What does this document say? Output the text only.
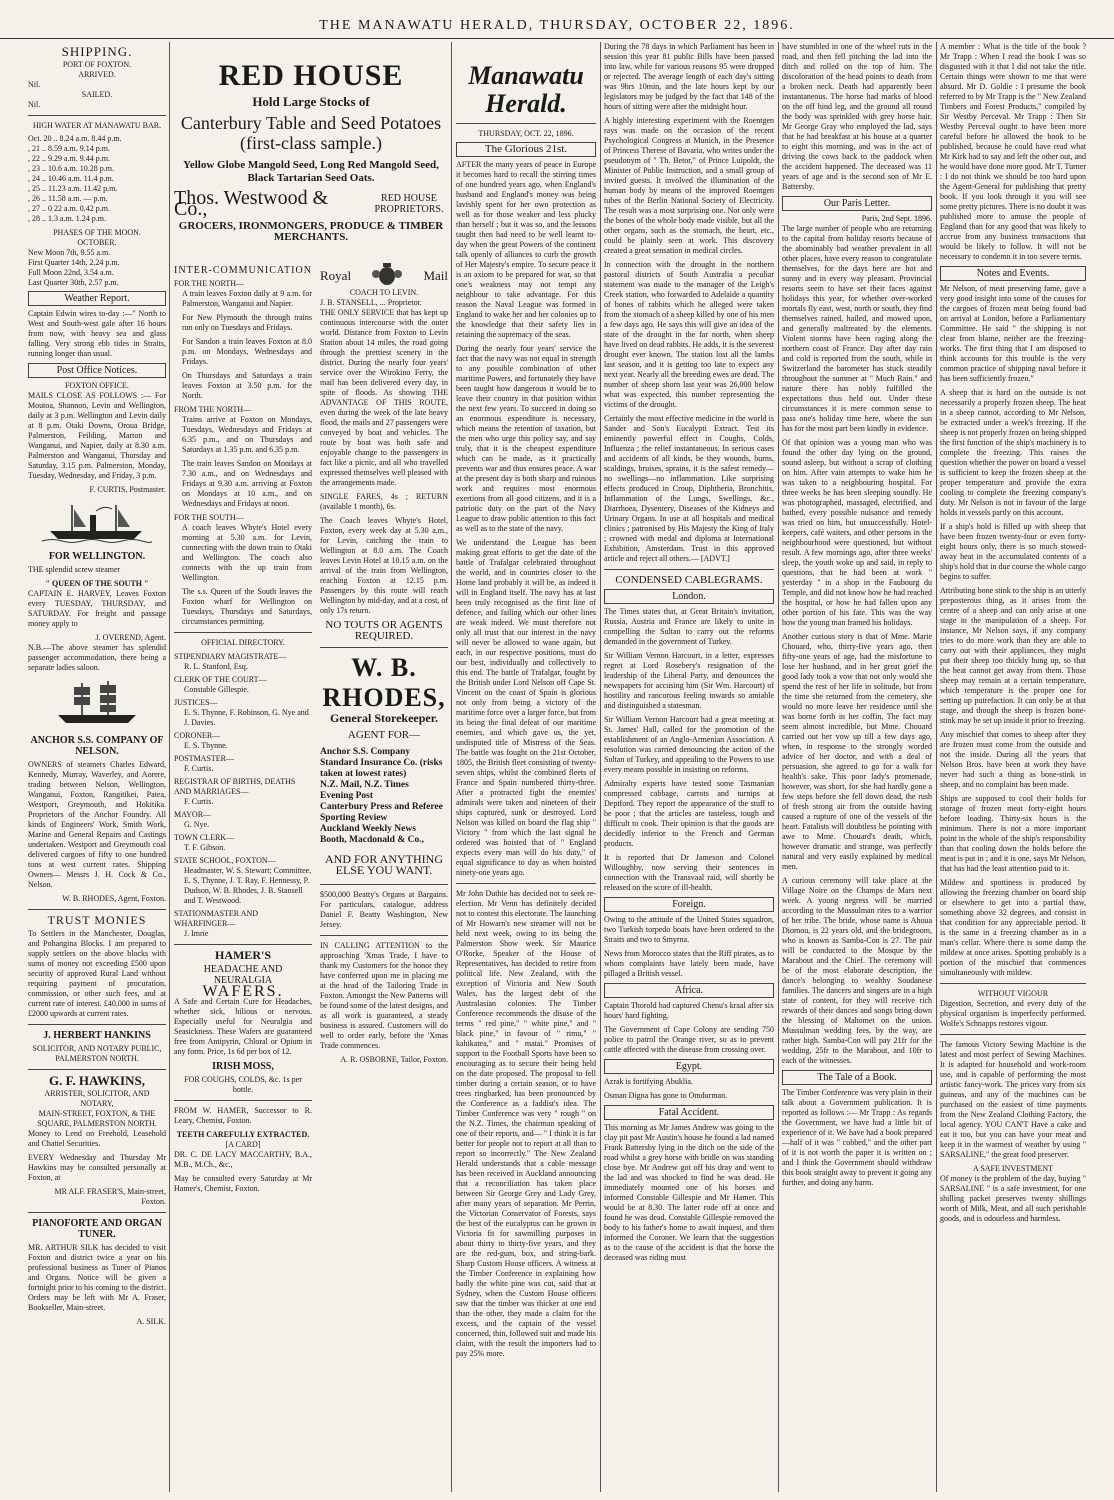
THE MANAWATU HERALD, THURSDAY, OCTOBER 22, 1896.
SHIPPING.
PORT OF FOXTON.
ARRIVED.
Nil.
SAILED.
Nil.
HIGH WATER AT MANAWATU BAR.
Oct. 20 .. 8.24 a.m. 8.44 p.m.
, 21 .. 8.59 a.m. 9.14 p.m.
, 22 .. 9.29 a.m. 9.44 p.m.
, 23 .. 10.6 a.m. 10.28 p.m.
, 24 .. 10.46 a.m. 11.4 p.m.
, 25 .. 11.23 a.m. 11.42 p.m.
, 26 .. 11.58 a.m. — p.m.
, 27 .. 0 22 a.m. 0.42 p.m.
, 28 .. 1.3 a.m. 1.24 p.m.
PHASES OF THE MOON.
OCTOBER.
New Moon 7th, 9.55 a.m.
First Quarter 14th, 2.24 p.m.
Full Moon 22nd, 3.54 a.m.
Last Quarter 30th, 2.57 p.m.
Weather Report.

Captain Edwin wires to-day :—" North to West and South-west gale after 16 hours from now, with heavy sea and glass falling. Very strong ebb tides in Straits, running longer than usual.

Post Office Notices.
FOXTON OFFICE.

MAILS CLOSE AS FOLLOWS :— For Moutoa, Shannon, Levin and Wellington, daily at 3 p.m. Wellington and Levin daily at 8 p.m. Otaki Downs, Oroua Bridge, Palmerston, Feilding, Marton and Wanganui, and Napier, daily at 8.30 a.m. Palmerston and Wanganui, Thursday and Saturday, 3.15 p.m. Palmerston, Monday, Tuesday, Wednesday, and Friday, 3 p.m.

F. CURTIS, Postmaster.
FOR WELLINGTON.

THE splendid screw steamer

" QUEEN OF THE SOUTH "

CAPTAIN E. HARVEY, Leaves Foxton every TUESDAY, THURSDAY, and SATURDAY. For freight and passage money apply to

J. OVEREND, Agent.

N.B.—The above steamer has splendid passenger accommodation, there being a separate ladies saloon.

ANCHOR S.S. COMPANY OF NELSON.

OWNERS of steamers Charles Edward, Kennedy, Murray, Waverley, and Aorere, trading between Nelson, Wellington, Wanganui, Foxton, Rangitikei, Patea, Westport, Greymouth, and Hokitika. Proprietors of the Anchor Foundry. All kinds of Engineers' Work, Smith Work, Marine and General Repairs and Castings undertaken. Westport and Greymouth coal delivered cargoes of fifty to one hundred tons at west current rates. Shipping Owners— Messrs J. H. Cock & Co., Nelson.

W. B. RHODES, Agent, Foxton.
TRUST MONIES

To Settlers in the Manchester, Douglas, and Pohangina Blocks. I am prepared to supply settlers on the above blocks with sums of money not exceeding £500 upon security of approved Rural Land without requiring payment of procuration, commission, or other such fees, and at current rate of interest. £40,000 in sums of £2000 upwards at current rates.

J. HERBERT HANKINS
SOLICITOR, AND NOTARY PUBLIC, PALMERSTON NORTH.
G. F. HAWKINS,
ARRISTER, SOLICITOR, AND NOTARY,
MAIN-STREET, FOXTON, & THE SQUARE, PALMERSTON NORTH.

Money to Lend on Freehold, Leasehold and Chattel Securities.

EVERY Wednesday and Thursday Mr Hawkins may be consulted personally at Foxton, at

MR ALF. FRASER'S, Main-street, Foxton.
PIANOFORTE AND ORGAN TUNER.

MR. ARTHUR SILK has decided to visit Foxton and district twice a year on his professional business as Tuner of Pianos and Organs. Notice will be given a fortnight prior to his coming to the district. Orders may be left with Mr A. Fraser, Bookseller, Main-street.

A. SILK.
RED HOUSE
Hold Large Stocks of
Canterbury Table and Seed Potatoes (first-class sample.)
Yellow Globe Mangold Seed, Long Red Mangold Seed, Black Tartarian Seed Oats.
Thos. Westwood & Co.,	RED HOUSE PROPRIETORS.
GROCERS, IRONMONGERS, PRODUCE & TIMBER MERCHANTS.
INTER-COMMUNICATION
FOR THE NORTH—

A train leaves Foxton daily at 9 a.m. for Palmerston, Wanganui and Napier.

For New Plymouth the through trains run only on Tuesdays and Fridays.

For Sandon a train leaves Foxton at 8.0 p.m. on Mondays, Wednesdays and Fridays.

On Thursdays and Saturdays a train leaves Foxton at 3.50 p.m. for the North.

FROM THE NORTH—

Trains arrive at Foxton on Mondays, Tuesdays, Wednesdays and Fridays at 6.35 p.m., and on Thursdays and Saturdays at 1.35 p.m. and 6.35 p.m.

The train leaves Sandon on Mondays at 7.30 a.m., and on Wednesdays and Fridays at 9.30 a.m. arriving at Foxton on Mondays at 10 a.m., and on Wednesdays and Fridays at noon.

FOR THE SOUTH—

A coach leaves Whyte's Hotel every morning at 5.30 a.m. for Levin, connecting with the down train to Otaki and Wellington. The coach also connects with the up train from Wellington.

The s.s. Queen of the South leaves the Foxton wharf for Wellington on Tuesdays, Thursdays and Saturdays, circumstances permitting.

OFFICIAL DIRECTORY.
STIPENDIARY MAGISTRATE—
R. L. Stanford, Esq.
CLERK OF THE COURT—
Constable Gillespie.
JUSTICES—
E. S. Thynne, F. Robinson, G. Nye and J. Davies.
CORONER—
E. S. Thynne.
POSTMASTER—
F. Curtis.
REGISTRAR OF BIRTHS, DEATHS AND MARRIAGES—
F. Curtis.
MAYOR—
G. Nye.
TOWN CLERK—
T. F. Gibson.
STATE SCHOOL, FOXTON—
Headmaster, W. S. Stewart; Committee, E. S. Thynne, J. T. Ray, F. Hennessy, P. Dudson, W. B. Rhodes, J. B. Stansell and T. Westwood.
STATIONMASTER AND WHARFINGER—
J. Imrie
HAMER'S
HEADACHE AND NEURALGIA
WAFERS.

A Safe and Certain Cure for Headaches, whether sick, bilious or nervous. Especially useful for Neuralgia and Seasickness. These Wafers are guaranteed free from Antipyrin, Chloral or Opium in any form. Price, 1s 6d per box of 12.

IRISH MOSS,
FOR COUGHS, COLDS, &c. 1s per bottle.

FROM W. HAMER, Successor to R. Leary, Chemist, Foxton.

TEETH CAREFULLY EXTRACTED.
[A CARD]

DR. C. DE LACY MACCARTHY, B.A., M.B., M.Ch., &c.,

May be consulted every Saturday at Mr Hamer's, Chemist, Foxton.

Royal	Mail
COACH TO LEVIN.
J. B. STANSELL, ... Proprietor.

THE ONLY SERVICE that has kept up continuous intercourse with the outer world. Distance from Foxton to Levin Station about 14 miles, the road going through the prettiest scenery in the district. During the nearly four years' service over the Wirokino Ferry, the mail has been delivered every day, in spite of floods. As showing THE ADVANTAGE OF THIS ROUTE, even during the week of the late heavy flood, the mails and 27 passengers were conveyed by boat and vehicles. The route by boat was both safe and enjoyable change to the passengers in fact like a picnic, and all who travelled expressed themselves well pleased with the arrangements made.

SINGLE FARES, 4s ; RETURN (available 1 month), 6s.

The Coach leaves Whyte's Hotel, Foxton, every week day at 5.30 a.m., for Levin, catching the train to Wellington at 8.0 a.m. The Coach leaves Levin Hotel at 10.15 a.m. on the arrival of the train from Wellington, reaching Foxton at 12.15 p.m. Passengers by this route will reach Wellington by mid-day, and at a cost, of only 17s return.

NO TOUTS OR AGENTS REQUIRED.
W. B. RHODES,
General Storekeeper.
AGENT FOR—
Anchor S.S. Company
Standard Insurance Co. (risks taken at lowest rates)
N.Z. Mail, N.Z. Times
Evening Post
Canterbury Press and Referee
Sporting Review
Auckland Weekly News
Booth, Macdonald & Co.,
AND FOR ANYTHING ELSE YOU WANT.

$500,000 Beatty's Organs at Bargains. For particulars, catalogue, address Daniel F. Beatty Washington, New Jersey.

IN CALLING ATTENTION to the approaching 'Xmas Trade, I have to thank my Customers for the honor they have conferred upon me in placing me at the head of the Tailoring Trade in Foxton. Amongst the New Patterns will be found some of the latest designs, and as all work is guaranteed, a steady business is assured. Customers will do well to order early, before the 'Xmas Trade commences.

A. R. OSBORNE, Tailor, Foxton.
Manawatu Herald.
THURSDAY, OCT. 22, 1896.
The Glorious 21st.

AFTER the many years of peace in Europe it becomes hard to recall the stirring times of one hundred years ago, when England's husband and England's money was being lavishly spent for her own protection as well as for those weaker and less plucky than herself ; but it was so, and the lessons taught then had need to be well learnt to-day when the great Powers of the continent talk openly of alliances to curb the growth of Her Majesty's empire. To secure peace it is an axiom to be prepared for war, so that one's weakness may not tempt any neighbour to take advantage. For this reason the Naval League was formed in England to wake her and her colonies up to the knowledge that their safety lies in retaining the supremacy of the seas.

During the nearly four years' service the fact that the navy was not equal in strength to any possible combination of other maritime Powers, and fortunately they have been taught how dangerous it would be to leave their country in that position within the next few years. To succeed in doing so an enormous expenditure is necessary, which means the retention of taxation, but the men who urge this policy say, and say truly, that it is the cheapest expenditure which can be made, as it practically prevents war and thus ensures peace. A war at the present day is both sharp and ruinous work and requires most enormous exertions from all good citizens, and it is a patriotic duty on the part of the Navy League to draw public attention to this fact as well as to the state of the navy.

We understand the League has been making great efforts to get the date of the battle of Trafalgar celebrated throughout the world, and in countries closer to the Home land probably it will be, as indeed it will in England itself. The navy has at last been truly recognised as the first line of defence, and failing which our other lines are weak indeed. We must therefore not only all trust that our interest in the navy will never be allowed to wane again, but each, in our respective positions, must do our best, individually and collectively to this end. The battle of Trafalgar, fought by the British under Lord Nelson off Cape St. Vincent on the coast of Spain is glorious not only from being a victory of the maritime force over a larger force, but from its being the final defeat of our maritime enemies, and which gave us, the yet, undisputed title of Mistress of the Seas. The battle was fought on the 21st October, 1805, the British fleet consisting of twenty-seven ships, whilst the combined fleets of France and Spain numbered thirty-three. After a protracted fight the enemies' admirals were taken and nineteen of their ships captured, sunk or destroyed. Lord Nelson was killed on board the flag ship " Victory " from which the last signal he ordered was hoisted that of " England expects every man will do his duty," of equal significance to day as when hoisted ninety-one years ago.

Mr John Duthie has decided not to seek re-election. Mr Venn has definitely decided not to contest this electorate. The launching of Mr Howarn's new steamer will not be held next week, owing to its being the Palmerston Show week. Sir Maurice O'Rorke, Speaker of the House of Representatives, has decided to retire from political life. New Zealand, with the exception of Victoria and New South Wales, has the largest debt of the Australasian colonies. The Timber Conference recommends the disuse of the terms " red pine," " white pine," and " black pine," in favour of " rimu," " kahikatea," and " matai." Promises of support to the Football Sports have been so encouraging as to secure their being held on the date proposed. The proposal to fell timber during a certain season, or to have trees ringbarked, has been pronounced by the Conference as a faddist's idea. The Timber Conference was very " rough " on the N.Z. Times, the chairman speaking of one of their reports, and— " I think it is far better for people not to report at all than to report so incorrectly." The New Zealand Herald understands that a cable message has been received in Auckland announcing that a reconciliation has taken place between Sir George Grey and Lady Grey, after many years of separation. Mr Perrin, the Victorian Conservator of Forests, says the best of the eucalyptus can be grown in Victoria fit for sawmilling purposes in about thirty to thirty-five years, and they are the red-gum, box, and string-bark. Sharp Custom House officers. A witness at the Timber Conference in explaining how badly the white pine was cut, said that at Sydney, when the Custom House officers saw that the timber was thicker at one end than the other, they made a claim for the excess, and the captain of the vessel concerned, thin, followed suit and made his claim, with the result the importers had to pay 25% more.

During the 78 days in which Parliament has been in session this year 81 public Bills have been passed into law, while for various reasons 95 were dropped or rejected. The average length of each day's sitting was 9hrs 10min, and the late hours kept by our legislators may be judged by the fact that 148 of the hours of sitting were after the midnight hour.

A highly interesting experiment with the Roentgen rays was made on the occasion of the recent Psychological Congress at Munich, in the Presence of Princess Therese of Bavaria, who writes under the pseudonym of " Th. Betor," of Prince Luipoldt, the Minister of Public Instruction, and a small group of invited guests. It involved the illumination of the human body by means of the improved Roentgen tubes of the Berlin National Society of Electricity. The result was a most surprising one. Not only were the bones of the whole body made visible, but all the other organs, such as the stomach, the heart, etc., could be plainly seen at work. This discovery created a great sensation in medical circles.

In connection with the drought in the northern pastoral districts of South Australia a peculiar statement was made to the manager of the Leigh's Creek station, who forwarded to Adelaide a quantity of bones of rabbits which he alleged were taken from the stomach of a sheep killed by one of his men a few days ago. He says this will give an idea of the state of the drought in the far north, when sheep have lived on dead rabbits. He adds, it is the severest drought ever known. The station lost all the lambs last season, and it is getting too late to expect any next year. Nearly all the breeding ewes are dead. The number of sheep shorn last year was 26,000 below what was expected, this number representing the victims of the drought.

Certainly the most effective medicine in the world is Sander and Son's Eucalypti Extract. Test its eminently powerful effect in Coughs, Colds, Influenza ; the relief instantaneous. In serious cases and accidents of all kinds, be they wounds, burns, scaldings, bruises, sprains, it is the safest remedy—no swellings—no inflammation. Like surprising effects produced in Croup, Diphtheria, Bronchitis, Inflammation of the Lungs, Swellings, &c., Diarrhoea, Dysentery, Diseases of the Kidneys and Urinary Organs. In use at all hospitals and medical clinics ; patronised by His Majesty the King of Italy ; crowned with medal and diploma at International Exhibition, Amsterdam. Trust in this approved article and reject all others.— [ADVT.]

CONDENSED CABLEGRAMS.
London.

The Times states that, at Great Britain's invitation, Russia, Austria and France are likely to unite in compelling the Sultan to carry out the reforms demanded in the government of Turkey.

Sir William Vernon Harcourt, in a letter, expresses regret at Lord Rosebery's resignation of the leadership of the Liberal Party, and denounces the newspapers for accusing him (Sir Wm. Harcourt) of hostility and rancorous feeling towards so amiable and distinguished a statesman.

Sir William Vernon Harcourt had a great meeting at St. James' Hall, called for the promotion of the establishment of an Anglo-Armenian Association. A resolution was carried denouncing the action of the Sultan of Turkey, and appealing to the Powers to use every means possible in insisting on reforms.

Admiralty experts have tested some Tasmanian compressed cabbage, carrots and turnips at Deptford. They report the appearance of the stuff to be poor ; that the articles are tasteless, tough and difficult to cook. Their opinion is that the goods are decidedly inferior to the French and German products.

It is reported that Dr Jameson and Colonel Willoughby, now serving their sentences in connection with the Transvaal raid, will shortly be released on the score of ill-health.

Foreign.

Owing to the attitude of the United States squadron, two Turkish torpedo boats have been ordered to the Straits and two to Smyrna.

News from Morocco states that the Riff pirates, as to whom complaints have lately been made, have pillaged a British vessel.

Africa.

Captain Thorold had captured Chenu's kraal after six hours' hard fighting.

The Government of Cape Colony are sending 750 police to patrol the Orange river, so as to prevent cattle affected with the disease from crossing over.

Egypt.

Azrak is fortifying Abuklia.

Osman Digna has gone to Omdurman.

Fatal Accident.

This morning as Mr James Andrew was going to the clay pit past Mr Austin's house he found a lad named Frank Battersby lying in the ditch on the side of the road whilst a grey horse with bridle on was standing close bye. Mr Andrew got off his dray and went to the lad and was shocked to find he was dead. He immediately mounted one of his horses and informed Constable Gillespie and Mr Hamer. This would be at 8.30. The latter rode off at once and found he was dead. Constable Gillespie removed the body to his father's home to await inquest, and then informed the Coroner. We learn that the suggestion as to the cause of the accident is that the horse the deceased was riding must

have stumbled in one of the wheel ruts in the road, and then fell pitching the lad into the ditch and rolled on the top of him. The discoloration of the head points to death from a broken neck. Death had apparently been instantaneous. The horse had marks of blood on the off hind leg, and the ground all round the body was sprinkled with grey horse hair. Mr George Gray who employed the lad, says that he had breakfast at his house at a quarter to eight this morning, and was in the act of driving the cows back to the paddock when the accident happened. The deceased was 11 years of age and is the second son of Mr E. Battersby.

Our Paris Letter.
Paris, 2nd Sept. 1896.

The large number of people who are returning to the capital from holiday resorts because of the abominably bad weather prevalent in all other places, have every reason to congratulate themselves, for the days here are hot and sunny and in every way pleasant. Provincial resorts seem to have set their faces against holidays this year, for whether over-worked mortals fly east, west, north or south, they find themselves rained, hailed, and mowed upon, and generally maltreated by the elements. Violent storms have been raging along the northern coast of France. Day after day rain and cold is reported from the south, while in Switzerland the barometer has stuck steadily throughout the summer at " Much Rain." and nature there has nobly fulfilled the expectations thus held out. Under these circumstances it is mere common sense to pass one's holiday time here, where the sun has for the most part been kindly in evidence.

Of that opinion was a young man who was found the other day lying on the ground, sound asleep, but without a scrap of clothing on him. After vain attempts to wake him he was taken to a neighbouring hospital. For three weeks he has been sleeping soundly. He was photographed, massaged, electrified, and bathed, every possible nuisance and remedy was tried on him, but unsuccessfully. Hotel-keepers, café waiters, and other persons in the neighbourhood were questioned, but without result. A few mornings ago, after three weeks' sleep, the youth woke up and said, in reply to questions, that he had been at work " yesterday " in a shop in the Faubourg du Temple, and did not know how he had reached the hospital, or how he had fallen upon any other portion of his fate. This was the way how the young man framed his holidays.

Another curious story is that of Mme. Marie Chouard, who, thirty-five years ago, then fifty-one years of age, had the misfortune to lose her husband, and in her great grief the good lady took a vow that not only would she spend the rest of her life in solitude, but from the time she returned from the cemetery, she would no more leave her residence until she was borne forth in her coffin. The fact may seem almost incredible, but Mme. Chouard carried out her vow up till a few days ago, when, in response to the strongly worded advice of her doctor, and with a deal of persuasion, she agreed to go for a walk for health's sake. This poor lady's promenade, however, was short, for she had hardly gone a few steps before she fell down dead, the rush of fresh strong air from the outside having caused a rupture of one of the vessels of the heart. Fatalists will doubtless be pointing with awe to Mme. Chouard's death, which, however dramatic and strange, was perfectly natural and very easily explained by medical men.

A curious ceremony will take place at the Village Noire on the Champs de Mars next week. A young negress will be married according to the Mussulman rites to a warrior of her tribe. The bride, whose name is Ahoua Diomou, is 22 years old, and the bridegroom, who is known as Samba-Con is 27. The pair will be conducted to the Mosque by the Marabout and the Chief. The ceremony will be of the most elaborate description, the dance's belonging to wealthy Soudanese families. The dancers and singers are in a high state of content, for they will receive rich rewards of their dances and songs bring down the blessing of Mahomet on the union. Mussulman wedding fees, by the way, are rather high. Samba-Con will pay 21fr for the wedding, 25fr to the Marabout, and 10fr to each of the witnesses.

The Tale of a Book.

The Timber Conference was very plain in their talk about a Government publication. It is reported as follows :— Mr Trapp : As regards the Government, we have had a little bit of experience of it. We have had a book prepared—half of it was " cobbed," and the other part of it is not worth the paper it is written on ; and I think the Government should withdraw this book straight away to prevent it going any further, and doing any harm.

A member : What is the title of the book ? Mr Trapp : When I read the book I was so disgusted with it that I did not take the title. Certain things were shown to me that were absurd. Mr D. Goldie : I presume the book referred to by Mr Trapp is the " New Zealand Timbers and Forest Products," compiled by Sir Westby Perceval. Mr Trapp : Then Sir Westby Perceval ought to have been more careful before he allowed the book to be published, because he could have read what Mr Kirk had to say and left the other out, and he would have done more good. Mr T. Turner : I do not think we should be too hard upon the Agent-General for publishing that pretty book. If you look through it you will see some pretty pictures. There is no doubt it was published more to amuse the people of England than for any good that was likely to accrue from any business transactions that would be likely to follow. It will not be necessary to condemn it in too severe terms.

Notes and Events.

Mr Nelson, of meat preserving fame, gave a very good insight into some of the causes for the cargoes of frozen meat being found bad on arrival at London, before a Parliamentary Committee. He said " the shipping is not clear from blame, neither are the freezing-works. The first thing that I am disposed to think accounts for this trouble is the very common practice of shipping naval before it has been sufficiently frozen."

A sheep that is hard on the outside is not necessarily a properly frozen sheep. The heat in a sheep cannot, according to Mr Nelson, be extracted under a week's freezing. If the sheep is not properly frozen on being shipped the first function of the ship's machinery is to complete the freezing. This raises the question whether the power on board a vessel is sufficient to keep the frozen sheep at the proper temperature and provide the extra cooling to complete the freezing company's duty. Mr Nelson is not in favour of the large holds in vessels partly on this account.

If a ship's hold is filled up with sheep that have been frozen twenty-four or even forty-eight hours only, there is so much stowed-away heat in the accumulated contents of a ship's hold that in due course the whole cargo begins to suffer.

Attributing bone stink to the ship is an utterly preposterous thing, as it arises from the centre of a sheep and can only arise at one stage in the manipulation of a sheep. For instance, Mr Nelson says, if any company tries to do more work than they are able to carry out with their appliances, they might put their sheep too thickly hung up, so that the heat cannot get away from them. Those sheep may remain at a certain temperature, which temperature is the proper one for setting up putrefaction. It can only be at that stage, and though the sheep is frozen bone-stink may be set up inside it prior to freezing.

Any mischief that comes to sheep after they are frozen must come from the outside and not the inside. During all the years that Nelson Bros. have been at work they have never had such a thing as bone-stink in sheep, and no complaint has been made.

Ships are supposed to cool their holds for storage of frozen meat forty-eight hours before loading. Thirty-six hours is the minimum. There is not a more important point in the whole of the ship's responsibility than that cooling down the holds before the meat is put in ; and it is one, says Mr Nelson, that has had the least attention paid to it.

Mildew and spottiness is produced by allowing the freezing chamber on board ship or elsewhere to get into a partial thaw, something above 32 degrees, and consist in that condition for any appreciable period. It is the same in a freezing chamber as in a man's cellar. Where there is some damp the mildew at once arises. Spotting probably is a portion of the mischief that commences simultaneously with mildew.

WITHOUT VIGOUR

Digestion, Secretion, and every duty of the physical organism is imperfectly performed. Wolfe's Schnapps restores vigour.

The famous Victory Sewing Machine is the latest and most perfect of Sewing Machines. It is adapted for household and work-room use, and is capable of performing the most artistic fancy-work. The prices vary from six guineas, and any of the machines can be purchased on the easiest of time payments from the New Zealand Clothing Factory, the local agency. YOU CAN'T Have a cake and eat it too, but you can have your meat and keep it in the warmest of weather by using " SARSALINE," the great food preserver.

A SAFE INVESTMENT

Of money is the problem of the day, buying " SARSALINE " is a safe investment, for one shilling packet preserves twenty shillings worth of Milk, Meat, and all such perishable goods, and is odourless and harmless.
